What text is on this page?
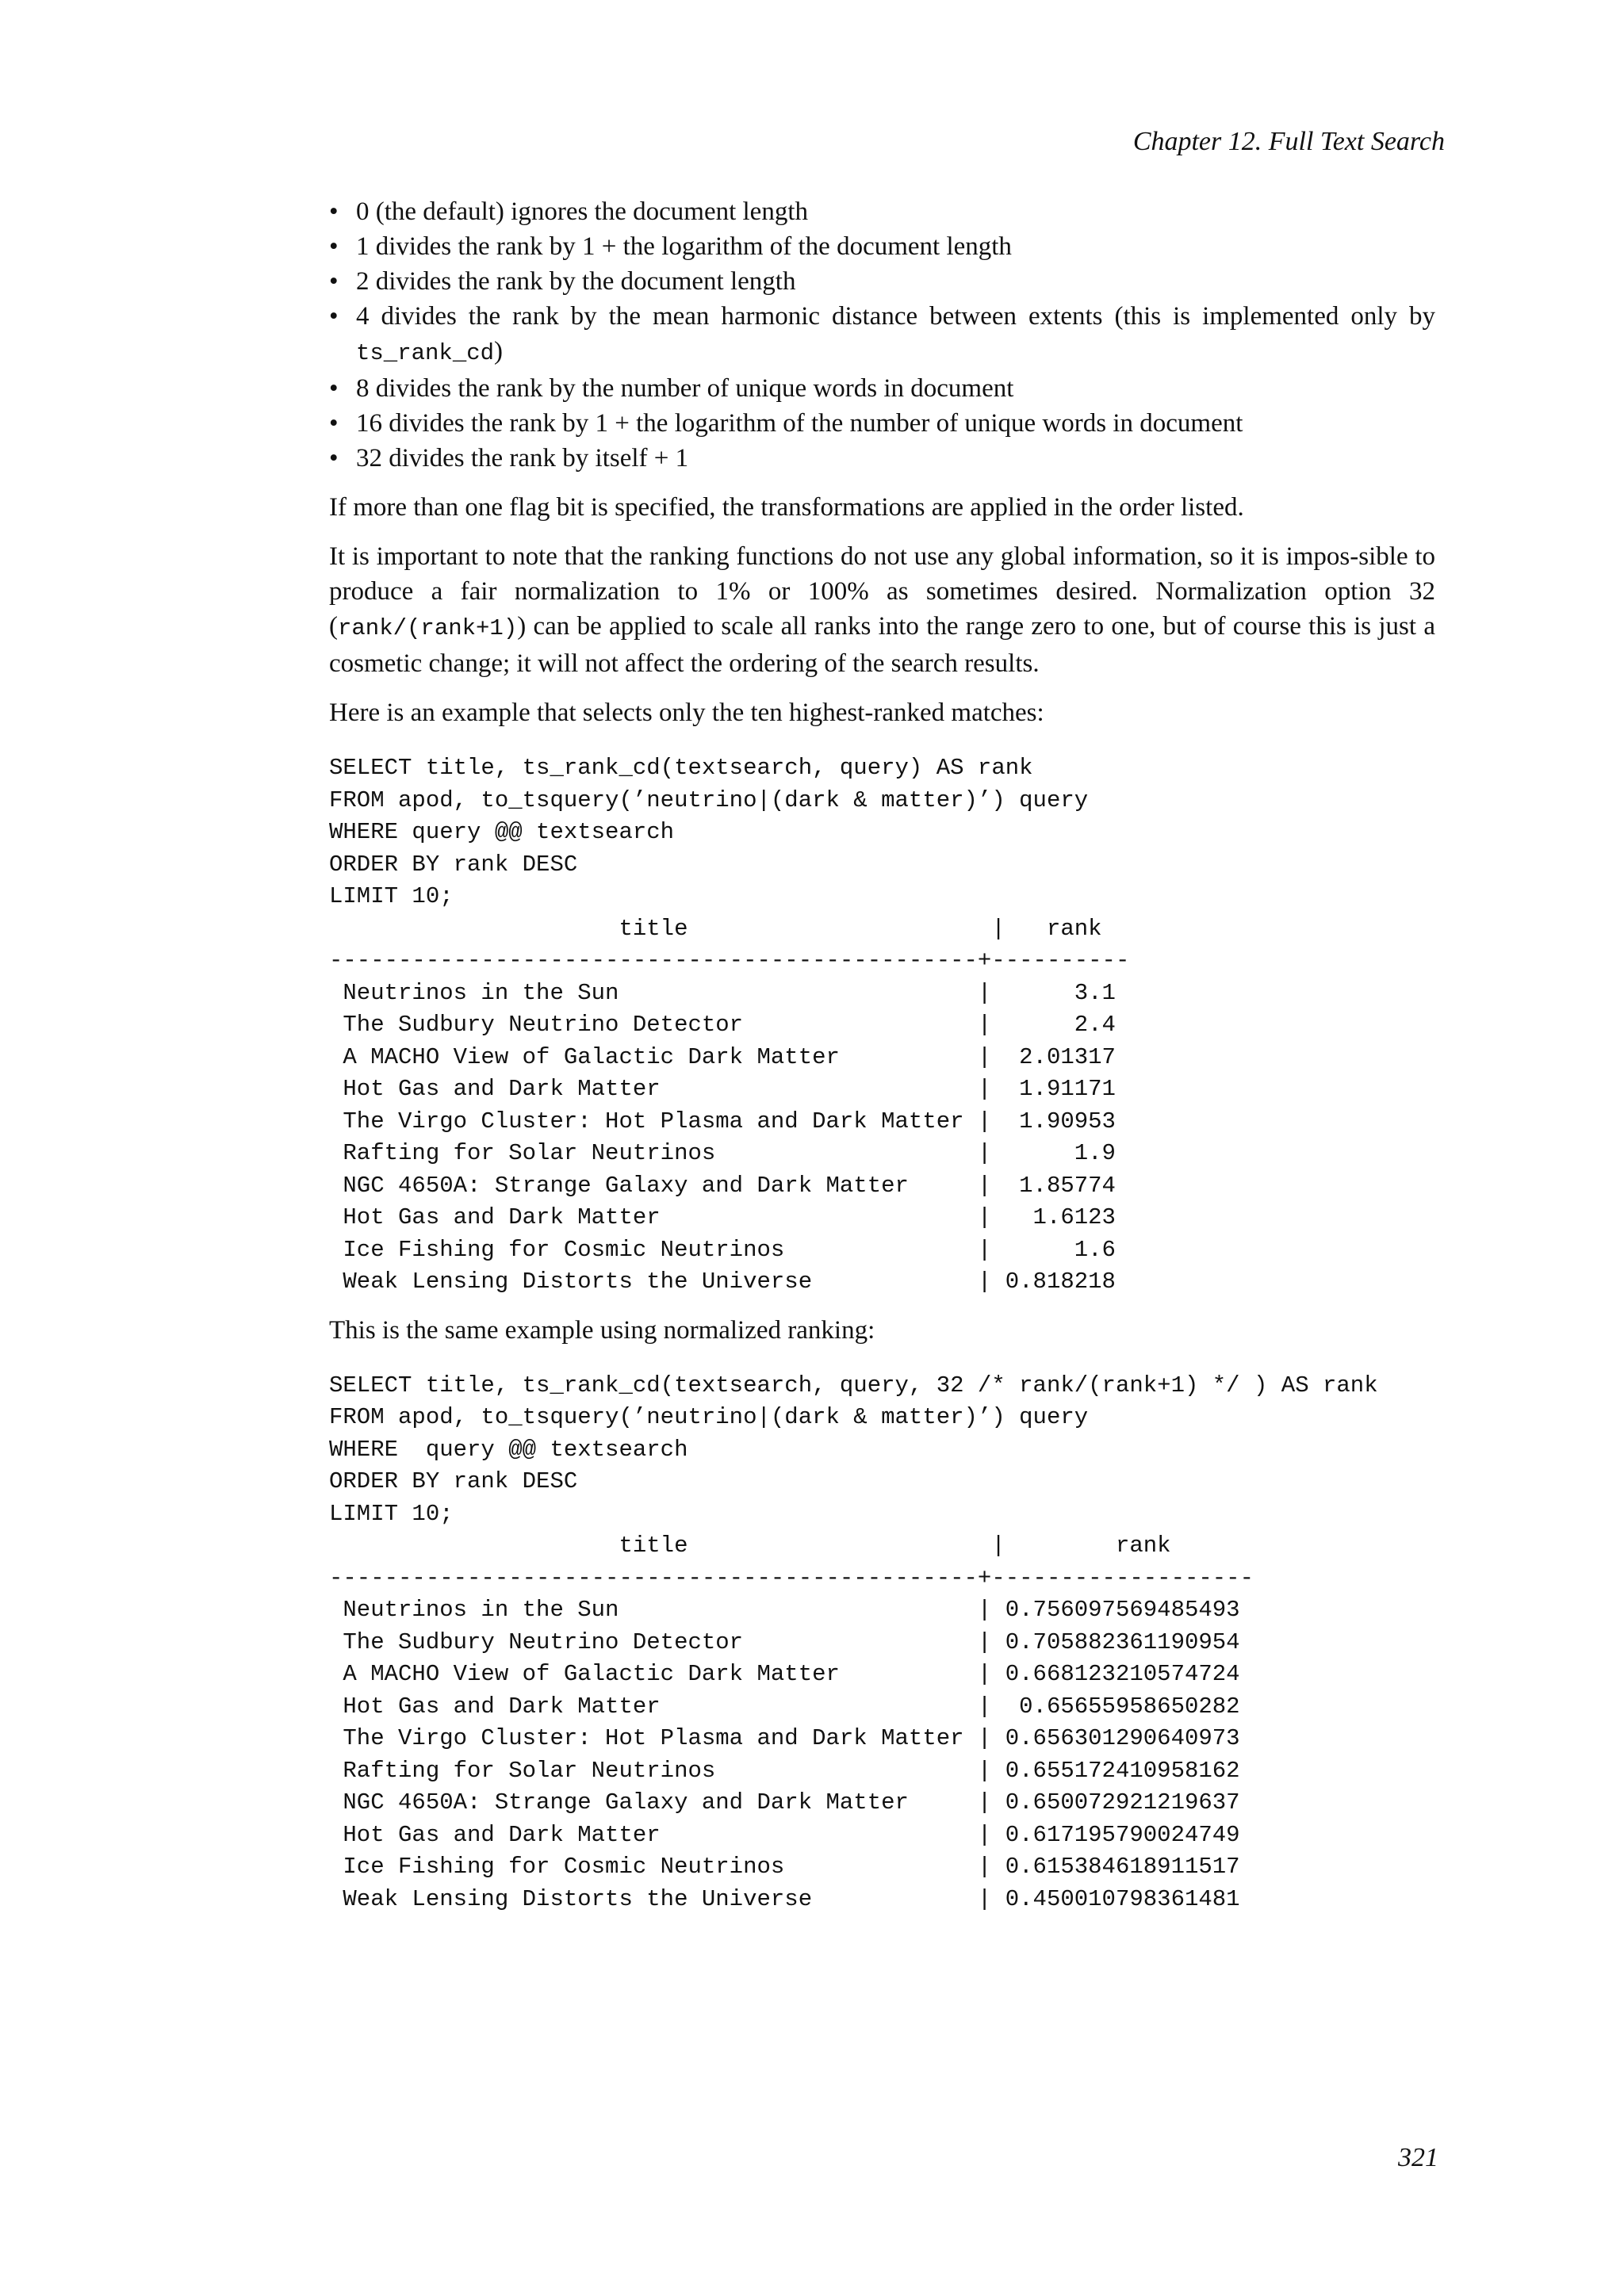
Chapter 12. Full Text Search
• 0 (the default) ignores the document length
• 1 divides the rank by 1 + the logarithm of the document length
• 2 divides the rank by the document length
• 4 divides the rank by the mean harmonic distance between extents (this is implemented only by ts_rank_cd)
• 8 divides the rank by the number of unique words in document
• 16 divides the rank by 1 + the logarithm of the number of unique words in document
• 32 divides the rank by itself + 1

If more than one flag bit is specified, the transformations are applied in the order listed.

It is important to note that the ranking functions do not use any global information, so it is impos-sible to produce a fair normalization to 1% or 100% as sometimes desired. Normalization option 32 (rank/(rank+1)) can be applied to scale all ranks into the range zero to one, but of course this is just a cosmetic change; it will not affect the ordering of the search results.

Here is an example that selects only the ten highest-ranked matches:

SELECT title, ts_rank_cd(textsearch, query) AS rank
FROM apod, to_tsquery(’neutrino|(dark & matter)’) query
WHERE query @@ textsearch
ORDER BY rank DESC
LIMIT 10;
title                      |   rank
-----------------------------------------------+----------
Neutrinos in the Sun                          |      3.1
The Sudbury Neutrino Detector                 |      2.4
A MACHO View of Galactic Dark Matter          |  2.01317
Hot Gas and Dark Matter                       |  1.91171
The Virgo Cluster: Hot Plasma and Dark Matter |  1.90953
Rafting for Solar Neutrinos                   |      1.9
NGC 4650A: Strange Galaxy and Dark Matter     |  1.85774
Hot Gas and Dark Matter                       |   1.6123
Ice Fishing for Cosmic Neutrinos              |      1.6
Weak Lensing Distorts the Universe            | 0.818218

This is the same example using normalized ranking:

SELECT title, ts_rank_cd(textsearch, query, 32 /* rank/(rank+1) */ ) AS rank
FROM apod, to_tsquery(’neutrino|(dark & matter)’) query
WHERE  query @@ textsearch
ORDER BY rank DESC
LIMIT 10;
title                      |        rank
-----------------------------------------------+-------------------
Neutrinos in the Sun                          | 0.756097569485493
The Sudbury Neutrino Detector                 | 0.705882361190954
A MACHO View of Galactic Dark Matter          | 0.668123210574724
Hot Gas and Dark Matter                       |  0.65655958650282
The Virgo Cluster: Hot Plasma and Dark Matter | 0.656301290640973
Rafting for Solar Neutrinos                   | 0.655172410958162
NGC 4650A: Strange Galaxy and Dark Matter     | 0.650072921219637
Hot Gas and Dark Matter                       | 0.617195790024749
Ice Fishing for Cosmic Neutrinos              | 0.615384618911517
Weak Lensing Distorts the Universe            | 0.450010798361481
321
